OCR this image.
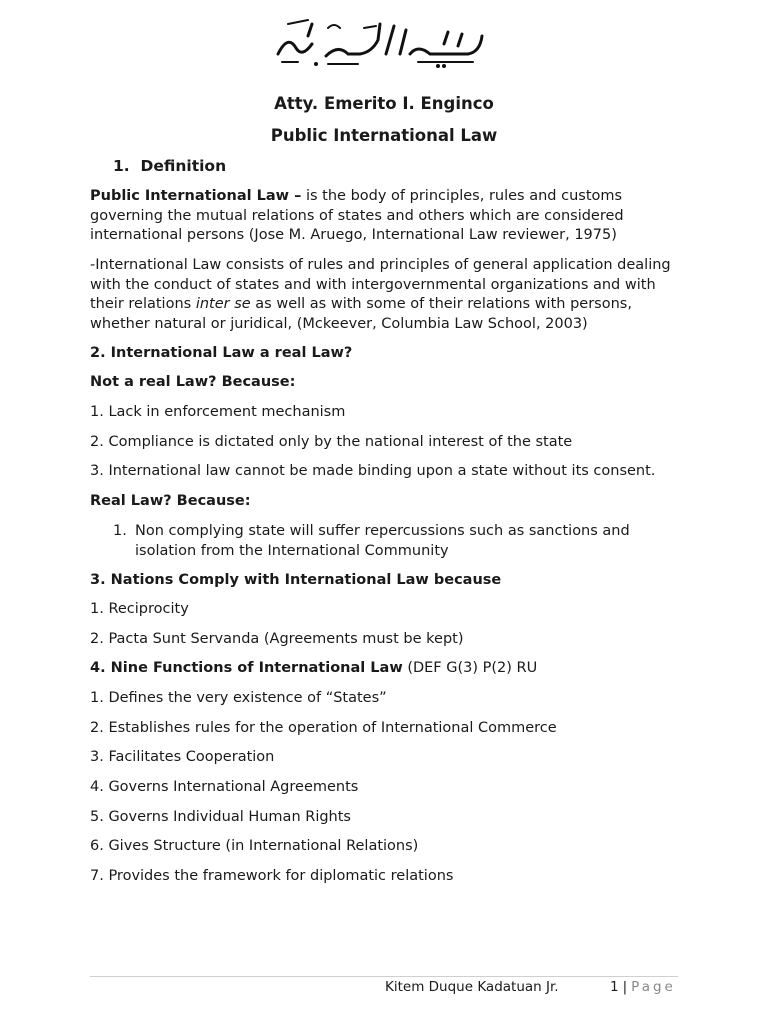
Atty. Emerito I. Enginco
Public International Law
1. Definition
Public International Law – is the body of principles, rules and customs governing the mutual relations of states and others which are considered international persons (Jose M. Aruego, International Law reviewer, 1975)
-International Law consists of rules and principles of general application dealing with the conduct of states and with intergovernmental organizations and with their relations inter se as well as with some of their relations with persons, whether natural or juridical, (Mckeever, Columbia Law School, 2003)
2. International Law a real Law?
Not a real Law? Because:
1. Lack in enforcement mechanism
2. Compliance is dictated only by the national interest of the state
3. International law cannot be made binding upon a state without its consent.
Real Law? Because:
1. Non complying state will suffer repercussions such as sanctions and isolation from the International Community
3. Nations Comply with International Law because
1. Reciprocity
2. Pacta Sunt Servanda (Agreements must be kept)
4. Nine Functions of International Law (DEF G(3) P(2) RU
1. Defines the very existence of “States”
2. Establishes rules for the operation of International Commerce
3. Facilitates Cooperation
4. Governs International Agreements
5. Governs Individual Human Rights
6. Gives Structure (in International Relations)
7. Provides the framework for diplomatic relations
Kitem Duque Kadatuan Jr.	1 | Page
